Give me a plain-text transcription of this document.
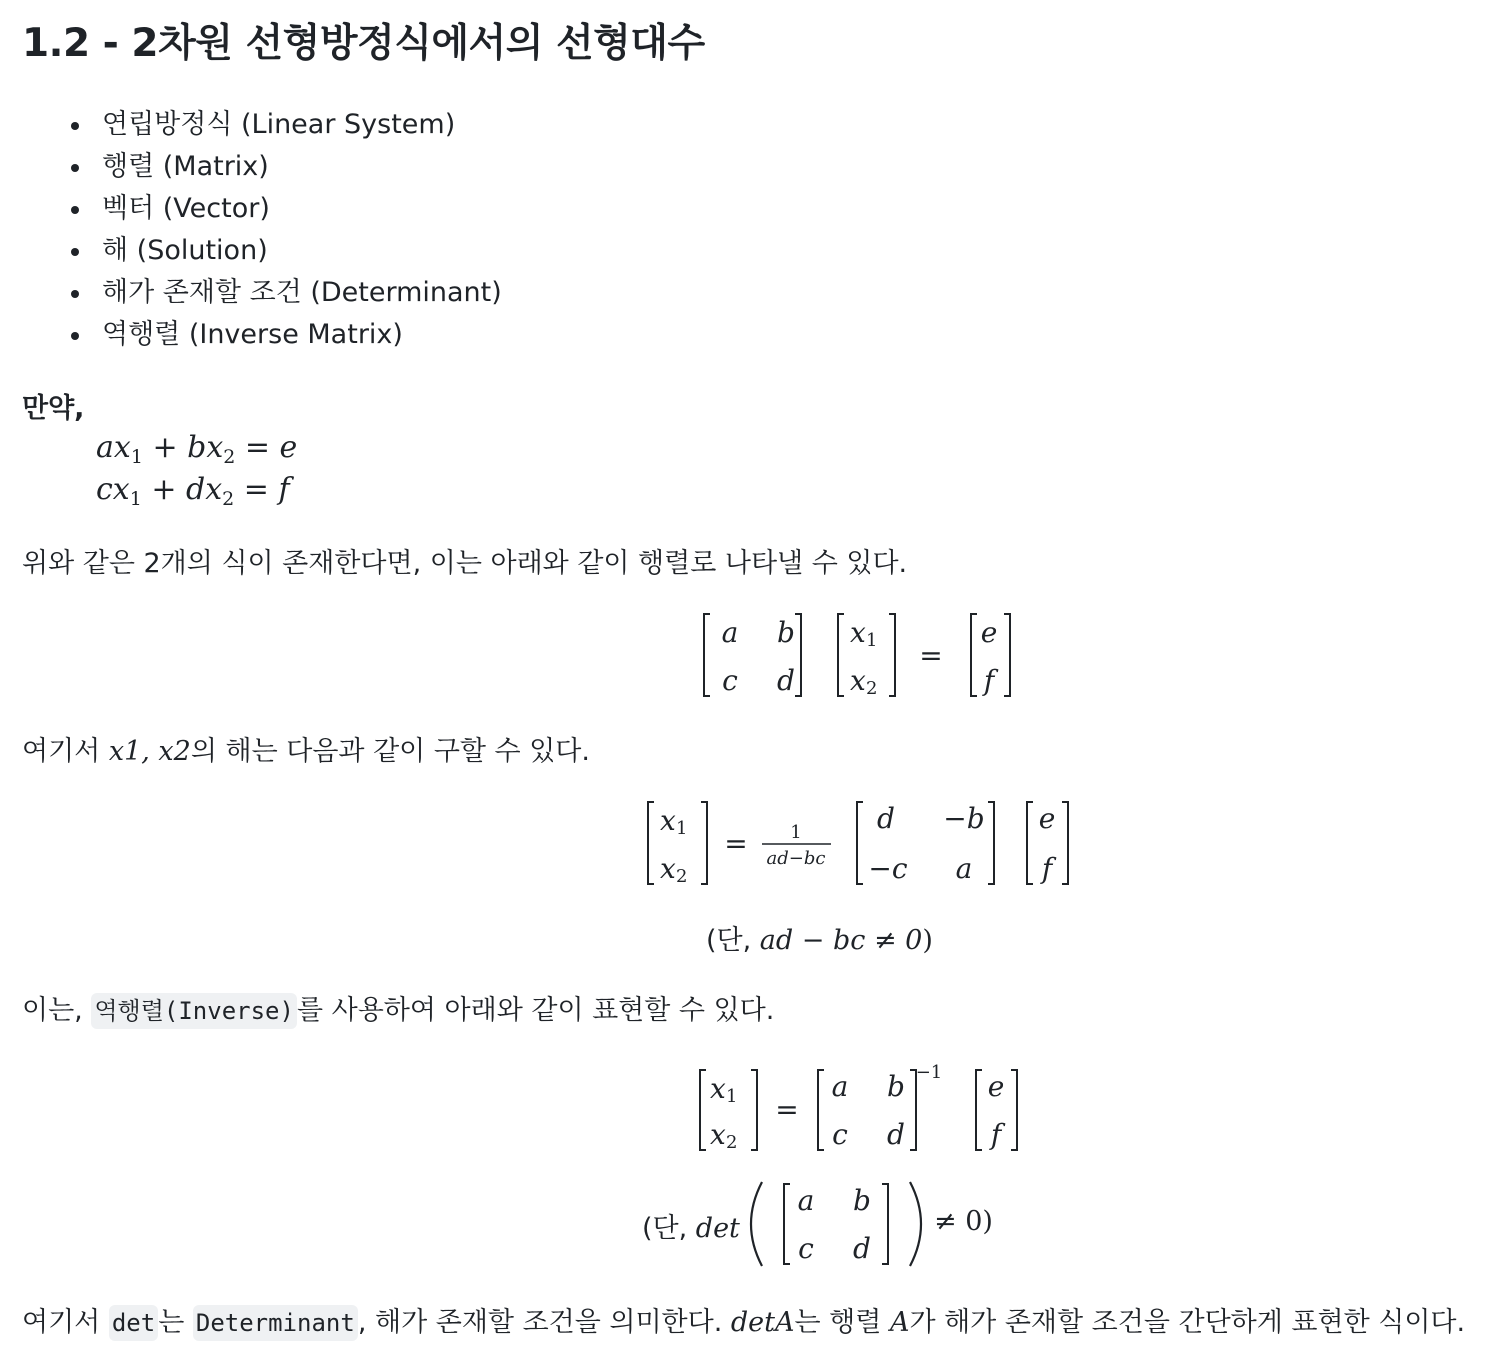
1.2 - 2차원 선형방정식에서의 선형대수
연립방정식 (Linear System)
행렬 (Matrix)
벡터 (Vector)
해 (Solution)
해가 존재할 조건 (Determinant)
역행렬 (Inverse Matrix)
만약,
$ax_1 + bx_2 = e$
$cx_1 + dx_2 = f$
위와 같은 2개의 식이 존재한다면, 이는 아래와 같이 행렬로 나타낼 수 있다.
a b
c d
x
x
e
f
1
2
=
여기서 x1, x2의 해는 다음과 같이 구할 수 있다.
x
x
d −b
−c a
e
f
1
2
= 1
ad−bc
(단, ad − bc ≠ 0)
이는, 역행렬(Inverse) 를 사용하여 아래와 같이 표현할 수 있다.
x
x
a b
c d
e
f
1
2
−1
=
(단, det
a b
c d
≠ 0)
여기서 det 는 Determinant , 해가 존재할 조건을 의미한다. detA는 행렬 A가 해가 존재할 조건을 간단하게 표현한 식이다.
